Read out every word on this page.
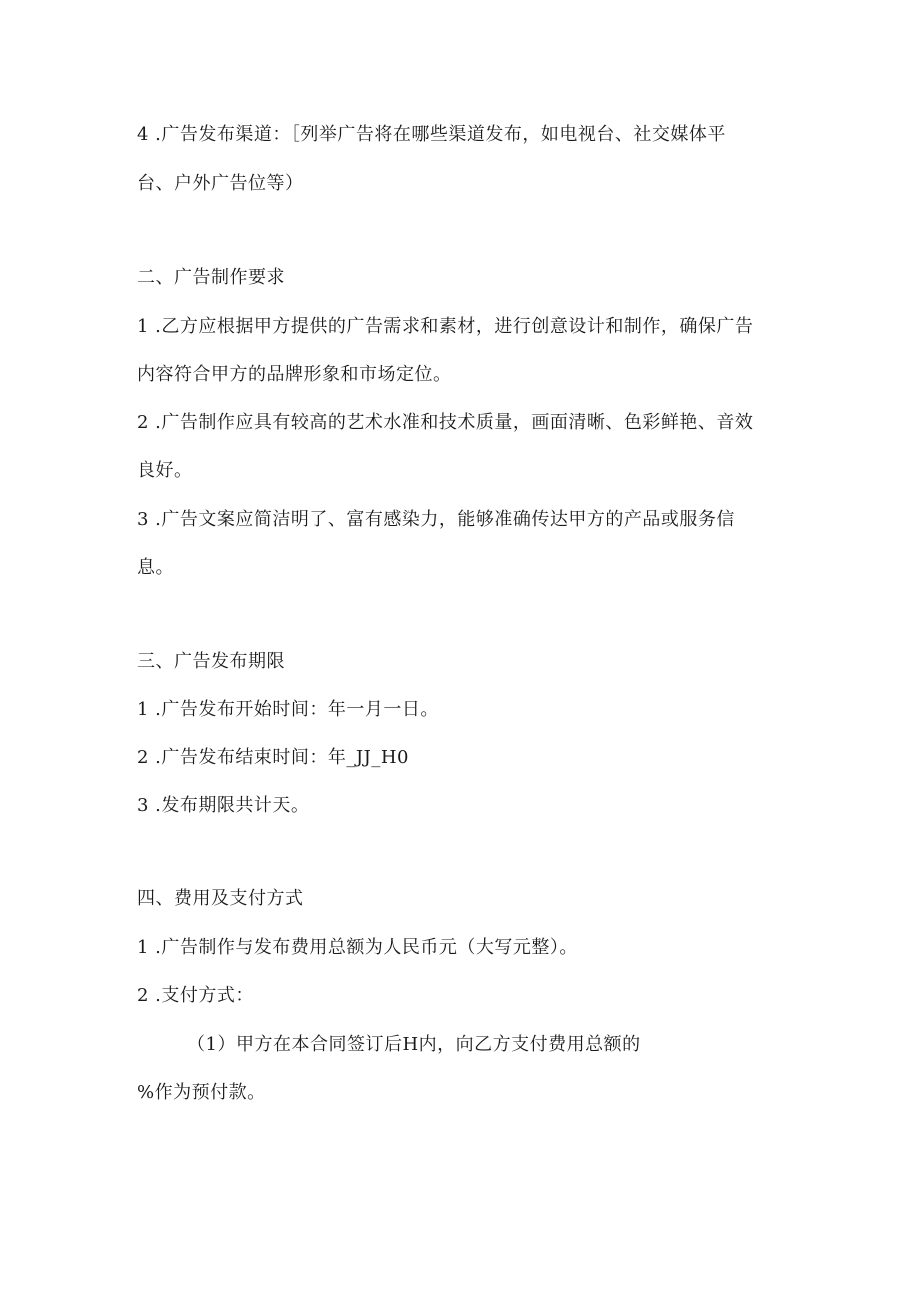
4 .广告发布渠道：［列举广告将在哪些渠道发布，如电视台、社交媒体平
台、户外广告位等）
二、广告制作要求
1 .乙方应根据甲方提供的广告需求和素材，进行创意设计和制作，确保广告
内容符合甲方的品牌形象和市场定位。
2 .广告制作应具有较高的艺术水准和技术质量，画面清晰、色彩鲜艳、音效
良好。
3 .广告文案应简洁明了、富有感染力，能够准确传达甲方的产品或服务信
息。
三、广告发布期限
1 .广告发布开始时间：年一月一日。
2 .广告发布结束时间：年_JJ_H0
3 .发布期限共计天。
四、费用及支付方式
1 .广告制作与发布费用总额为人民币元（大写元整）。
2 .支付方式：
（1）甲方在本合同签订后H内，向乙方支付费用总额的
%作为预付款。
